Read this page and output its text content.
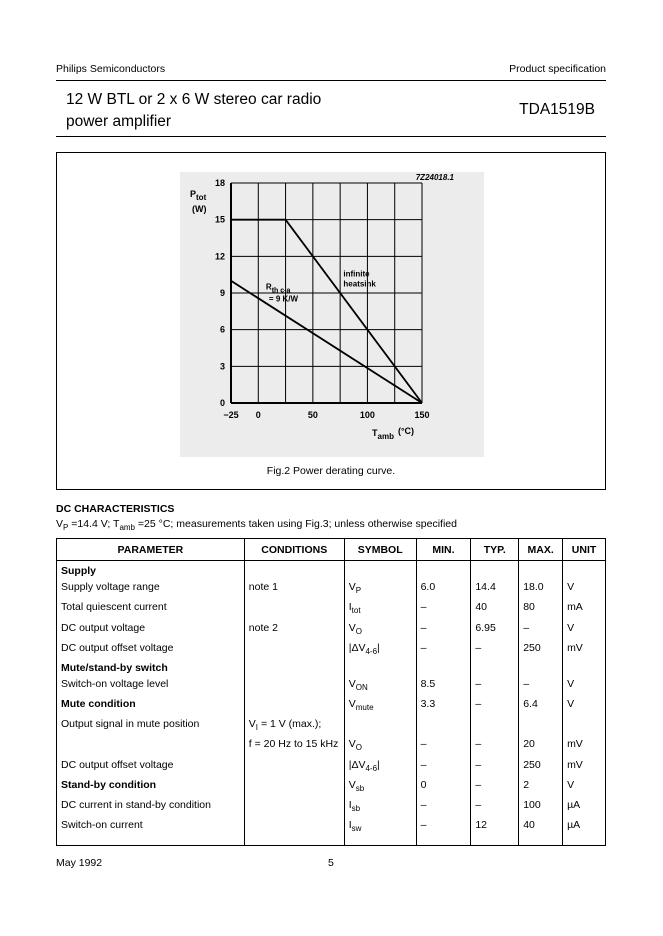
Philips Semiconductors	Product specification
12 W BTL or 2 x 6 W stereo car radio
power amplifier
TDA1519B
0
3
6
9
12
15
18
−25 0	50	100	150
Ptot
(W)
Tamb(°C)
7Z24018.1
infinite
heatsink
Rth c-a
= 9 K/W
Fig.2 Power derating curve.
DC CHARACTERISTICS
$V_P =14.4$ V; $T_{amb} =25$ °C; measurements taken using Fig.3; unless otherwise specified
PARAMETER	CONDITIONS	SYMBOL	MIN.	TYP.	MAX.	UNIT
Supply						
Supply voltage range	note 1	$V_P$	6.0	14.4	18.0	V
Total quiescent current		$I_{tot}$	–	40	80	mA
DC output voltage	note 2	$V_O$	–	6.95	–	V
DC output offset voltage		$|\Delta V_{4-6}|$	–	–	250	mV
Mute/stand-by switch						
Switch-on voltage level		$V_{ON}$	8.5	–	–	V
Mute condition		$V_{mute}$	3.3	–	6.4	V
Output signal in mute position	$V_I = 1$ V (max.);					
	f = 20 Hz to 15 kHz	$V_O$	–	–	20	mV
DC output offset voltage		$|\Delta V_{4-6}|$	–	–	250	mV
Stand-by condition		$V_{sb}$	0	–	2	V
DC current in stand-by condition		$I_{sb}$	–	–	100	µA
Switch-on current		$I_{sw}$	–	12	40	µA
May 1992	5
